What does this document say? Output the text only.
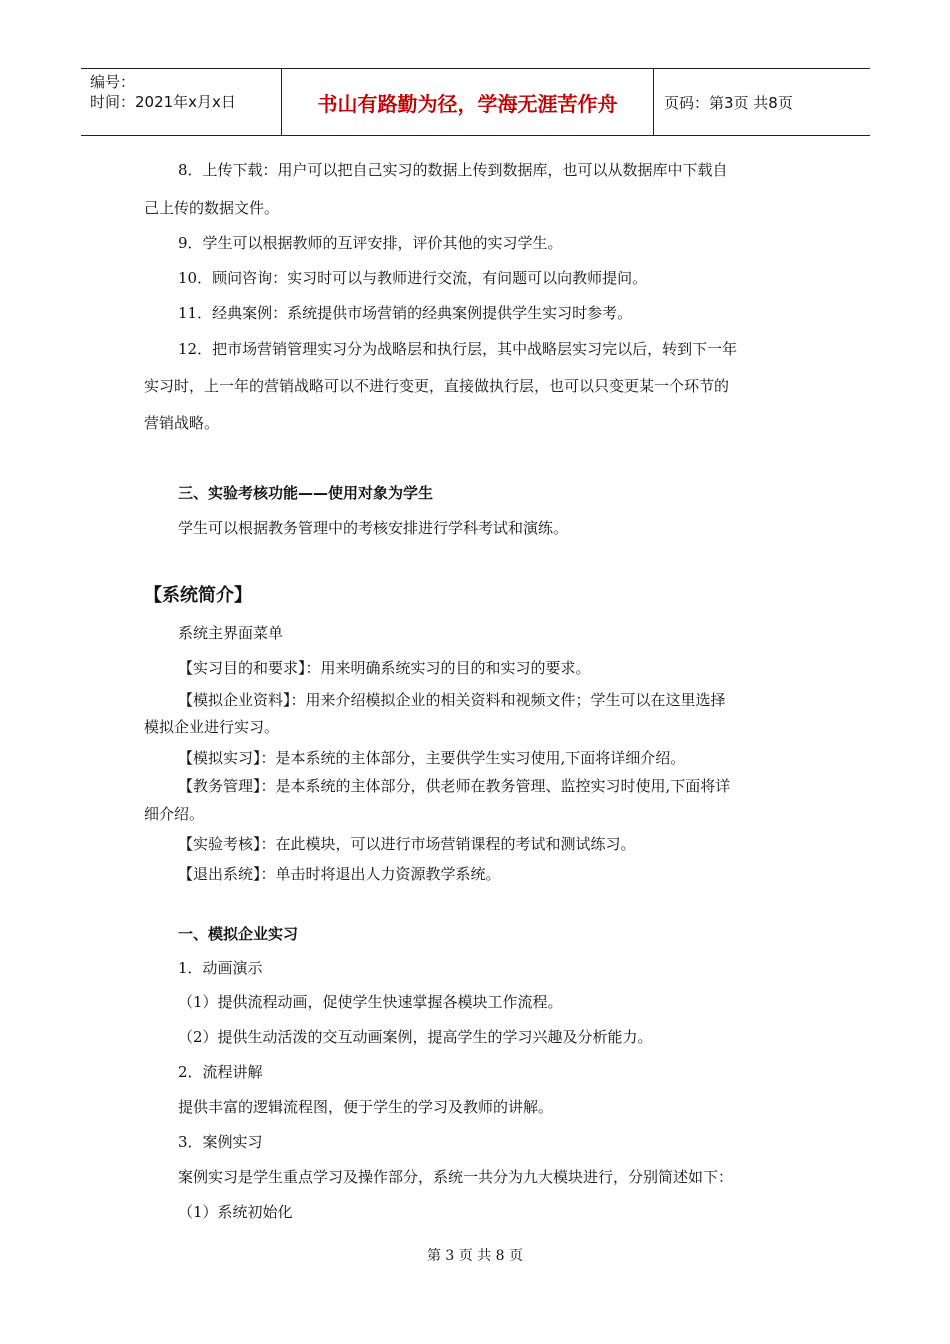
编号：
时间：2021年x月x日	书山有路勤为径，学海无涯苦作舟	页码：第3页 共8页
8．上传下载：用户可以把自己实习的数据上传到数据库，也可以从数据库中下载自
己上传的数据文件。
9．学生可以根据教师的互评安排，评价其他的实习学生。
10．顾问咨询：实习时可以与教师进行交流，有问题可以向教师提问。
11．经典案例：系统提供市场营销的经典案例提供学生实习时参考。
12．把市场营销管理实习分为战略层和执行层，其中战略层实习完以后，转到下一年
实习时，上一年的营销战略可以不进行变更，直接做执行层，也可以只变更某一个环节的
营销战略。
三、实验考核功能——使用对象为学生
学生可以根据教务管理中的考核安排进行学科考试和演练。
【系统简介】
系统主界面菜单
【实习目的和要求】：用来明确系统实习的目的和实习的要求。
【模拟企业资料】：用来介绍模拟企业的相关资料和视频文件；学生可以在这里选择
模拟企业进行实习。
【模拟实习】：是本系统的主体部分，主要供学生实习使用,下面将详细介绍。
【教务管理】：是本系统的主体部分，供老师在教务管理、监控实习时使用,下面将详
细介绍。
【实验考核】：在此模块，可以进行市场营销课程的考试和测试练习。
【退出系统】：单击时将退出人力资源教学系统。
一、模拟企业实习
1．动画演示
（1）提供流程动画，促使学生快速掌握各模块工作流程。
（2）提供生动活泼的交互动画案例，提高学生的学习兴趣及分析能力。
2．流程讲解
提供丰富的逻辑流程图，便于学生的学习及教师的讲解。
3．案例实习
案例实习是学生重点学习及操作部分，系统一共分为九大模块进行，分别简述如下：
（1）系统初始化
第 3 页 共 8 页
